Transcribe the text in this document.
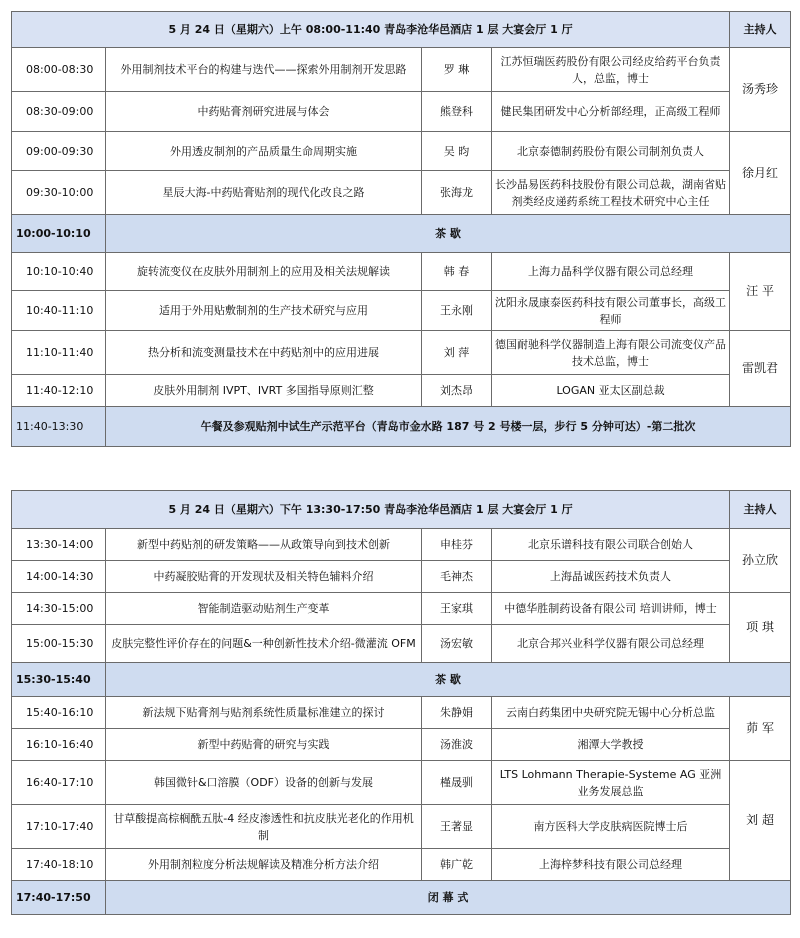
5 月 24 日（星期六）上午 08:00-11:40 青岛李沧华邑酒店 1 层 大宴会厅 1 厅				主持人
08:00-08:30	外用制剂技术平台的构建与迭代——探索外用制剂开发思路	罗 琳	江苏恒瑞医药股份有限公司经皮给药平台负责人，总监，博士	汤秀珍
08:30-09:00	中药贴膏剂研究进展与体会	熊登科	健民集团研发中心分析部经理，正高级工程师	
09:00-09:30	外用透皮制剂的产品质量生命周期实施	吴 昀	北京泰德制药股份有限公司制剂负责人	徐月红
09:30-10:00	星辰大海-中药贴膏贴剂的现代化改良之路	张海龙	长沙晶易医药科技股份有限公司总裁，湖南省贴剂类经皮递药系统工程技术研究中心主任	
10:00-10:10	茶 歇			
10:10-10:40	旋转流变仪在皮肤外用制剂上的应用及相关法规解读	韩 春	上海力晶科学仪器有限公司总经理	汪 平
10:40-11:10	适用于外用贴敷制剂的生产技术研究与应用	王永刚	沈阳永晟康泰医药科技有限公司董事长，高级工程师	
11:10-11:40	热分析和流变测量技术在中药贴剂中的应用进展	刘 萍	德国耐驰科学仪器制造上海有限公司流变仪产品技术总监，博士	雷凯君
11:40-12:10	皮肤外用制剂 IVPT、IVRT 多国指导原则汇整	刘杰昂	LOGAN 亚太区副总裁	
11:40-13:30	午餐及参观贴剂中试生产示范平台（青岛市金水路 187 号 2 号楼一层，步行 5 分钟可达）-第二批次			
5 月 24 日（星期六）下午 13:30-17:50 青岛李沧华邑酒店 1 层 大宴会厅 1 厅				主持人
13:30-14:00	新型中药贴剂的研发策略——从政策导向到技术创新	申桂芬	北京乐谱科技有限公司联合创始人	孙立欣
14:00-14:30	中药凝胶贴膏的开发现状及相关特色辅料介绍	毛神杰	上海晶诚医药技术负责人	
14:30-15:00	智能制造驱动贴剂生产变革	王家琪	中德华胜制药设备有限公司 培训讲师，博士	项 琪
15:00-15:30	皮肤完整性评价存在的问题&一种创新性技术介绍-微灌流 OFM	汤宏敏	北京合邦兴业科学仪器有限公司总经理	
15:30-15:40	茶 歇			
15:40-16:10	新法规下贴膏剂与贴剂系统性质量标准建立的探讨	朱静娟	云南白药集团中央研究院无锡中心分析总监	茆 军
16:10-16:40	新型中药贴膏的研究与实践	汤淮波	湘潭大学教授	
16:40-17:10	韩国微针&口溶膜（ODF）设备的创新与发展	槿晟驯	LTS Lohmann Therapie-Systeme AG 亚洲业务发展总监	刘 超
17:10-17:40	甘草酸提高棕榈酰五肽-4 经皮渗透性和抗皮肤光老化的作用机制	王著显	南方医科大学皮肤病医院博士后	
17:40-18:10	外用制剂粒度分析法规解读及精准分析方法介绍	韩广乾	上海梓梦科技有限公司总经理	
17:40-17:50	闭 幕 式			
